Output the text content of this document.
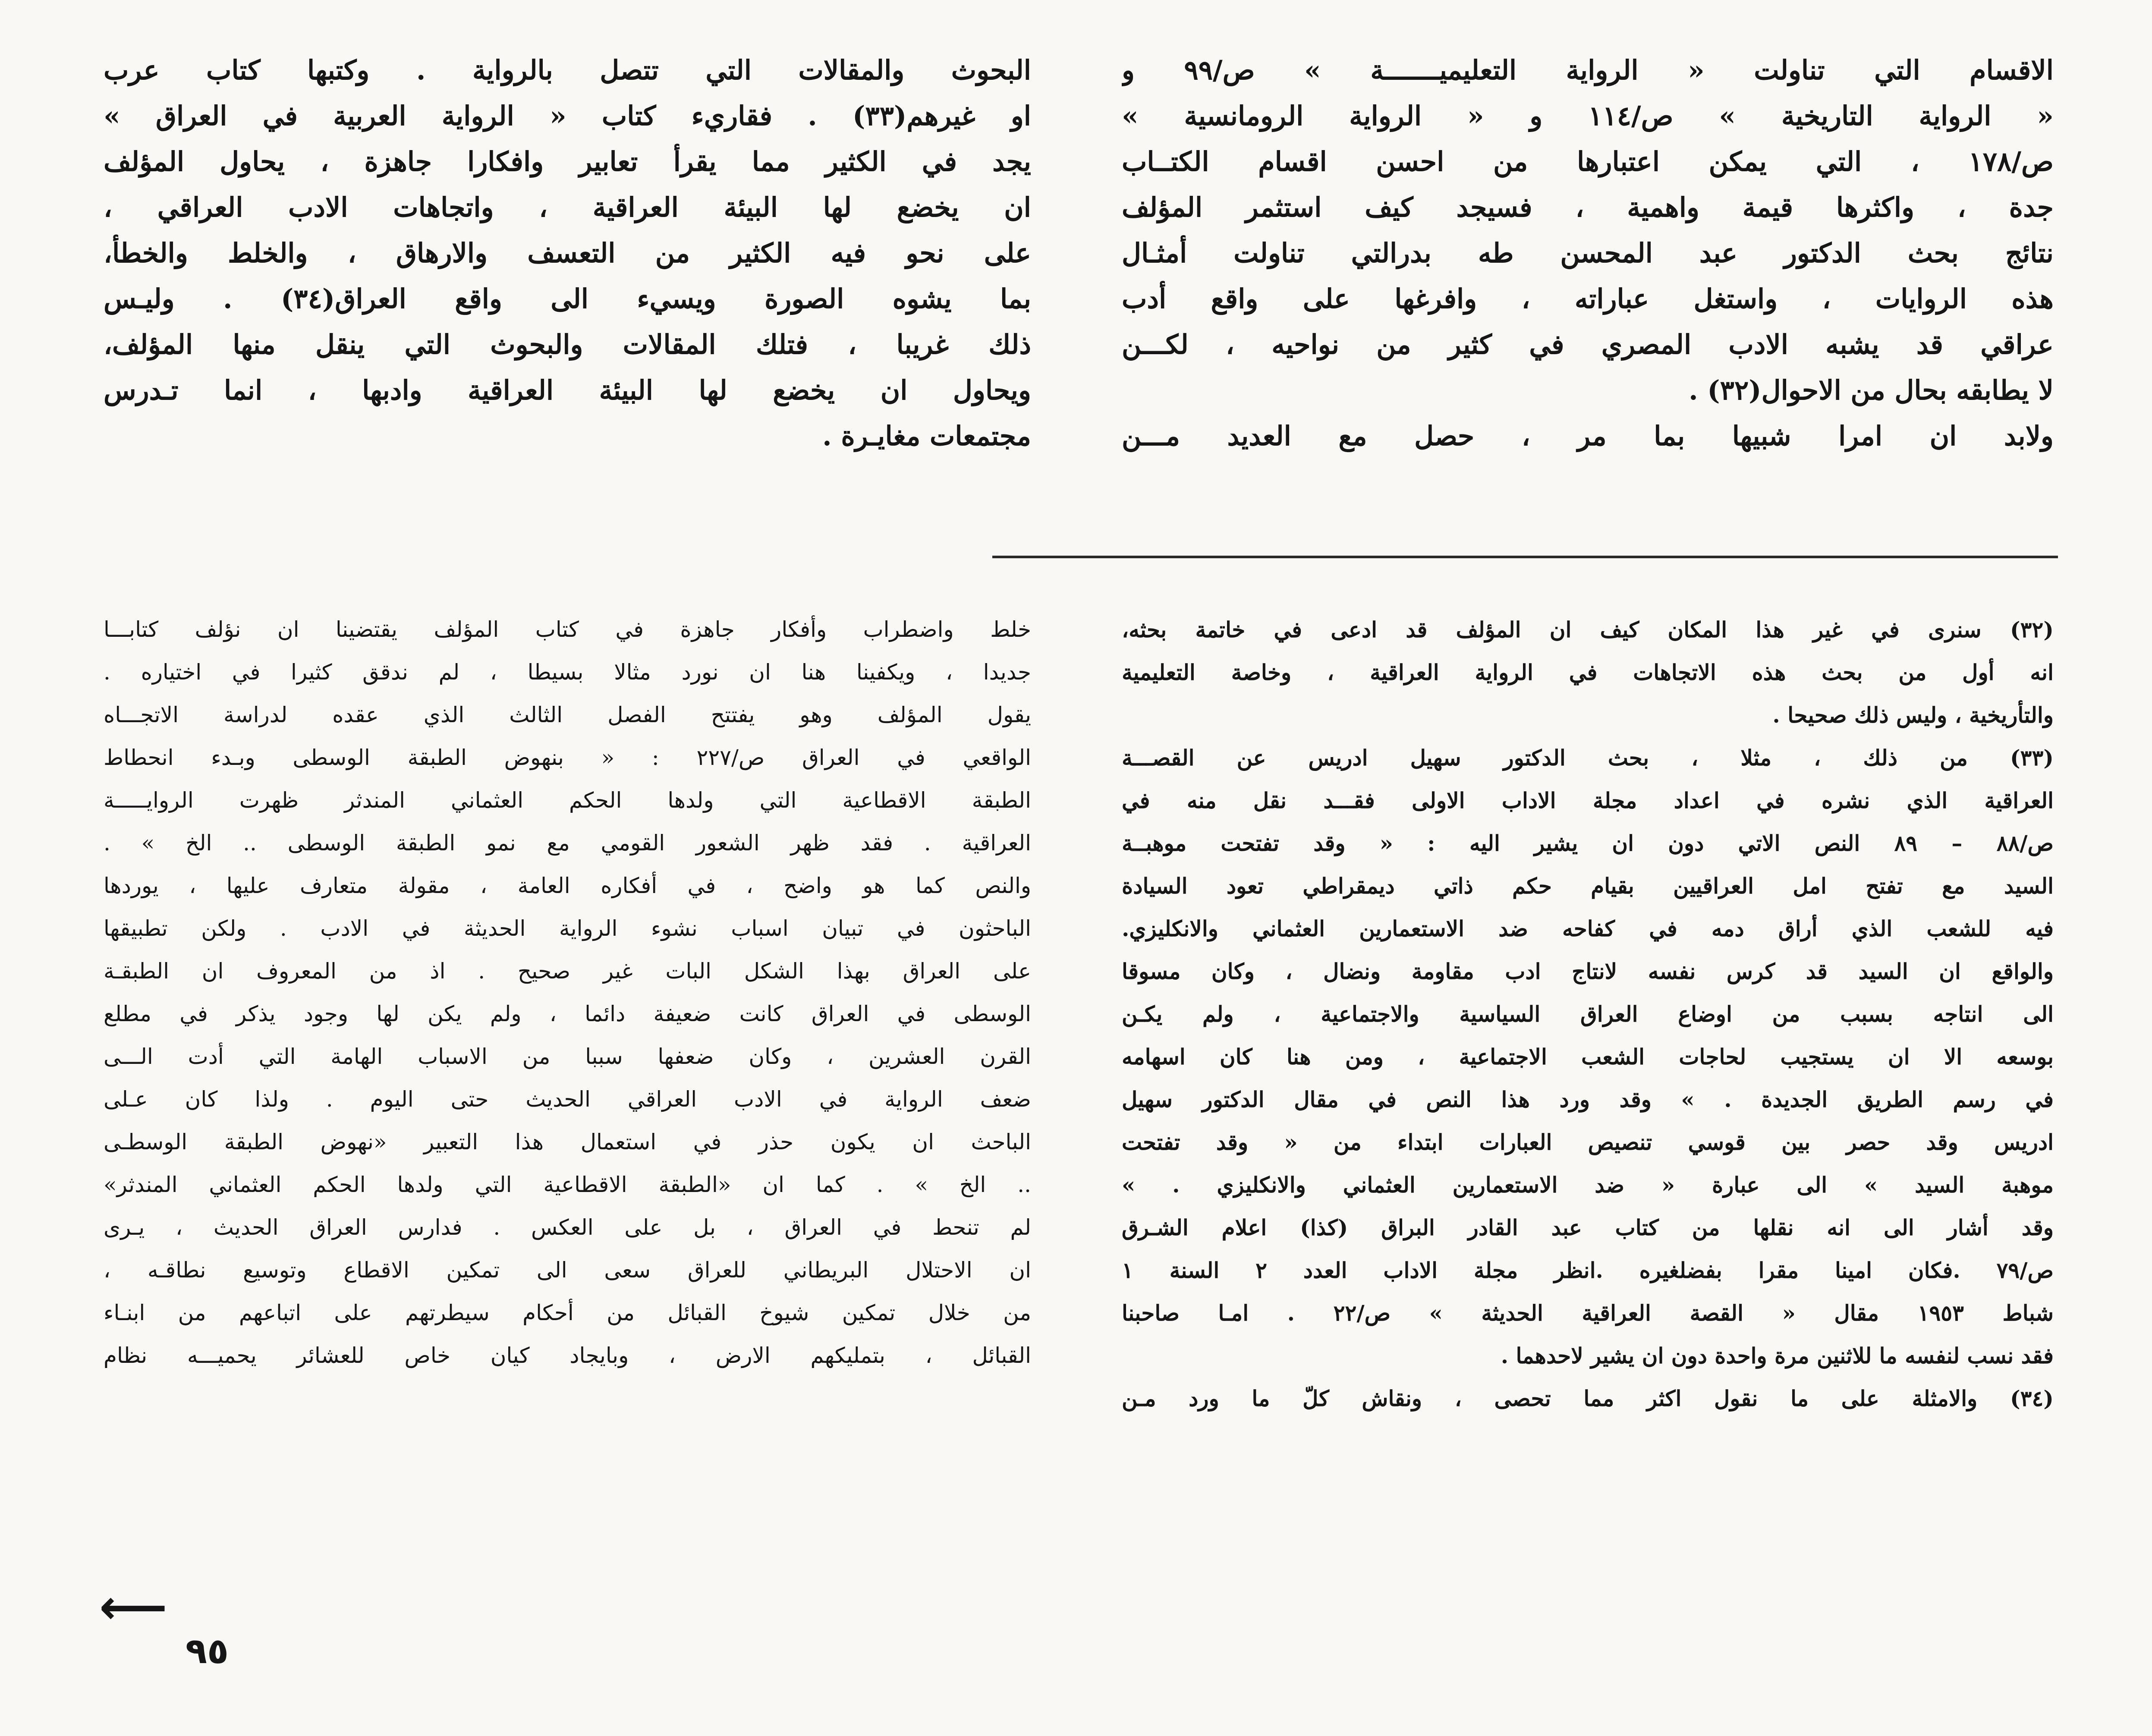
الاقسام التي تناولت « الرواية التعليميـــــــة » ص/٩٩ و
« الرواية التاريخية » ص/١١٤ و « الرواية الرومانسية »
ص/١٧٨ ، التي يمكن اعتبارها من احسن اقسام الكتــاب
جدة ، واكثرها قيمة واهمية ، فسيجد كيف استثمر المؤلف
نتائج بحث الدكتور عبد المحسن طه بدرالتي تناولت أمثـال
هذه الروايات ، واستغل عباراته ، وافرغها على واقع أدب
عراقي قد يشبه الادب المصري في كثير من نواحيه ، لكـــن
لا يطابقه بحال من الاحوال(٣٢) .
ولابد ان امرا شبيها بما مر ، حصل مع العديد مـــن
البحوث والمقالات التي تتصل بالرواية . وكتبها كتاب عرب
او غيرهم(٣٣) . فقاريء كتاب « الرواية العربية في العراق »
يجد في الكثير مما يقرأ تعابير وافكارا جاهزة ، يحاول المؤلف
ان يخضع لها البيئة العراقية ، واتجاهات الادب العراقي ،
على نحو فيه الكثير من التعسف والارهاق ، والخلط والخطأ،
بما يشوه الصورة ويسيء الى واقع العراق(٣٤) . وليـس
ذلك غريبا ، فتلك المقالات والبحوث التي ينقل منها المؤلف،
ويحاول ان يخضع لها البيئة العراقية وادبها ، انما تـدرس
مجتمعات مغايـرة .
(٣٢) سنرى في غير هذا المكان كيف ان المؤلف قد ادعى في خاتمة بحثه،
انه أول من بحث هذه الاتجاهات في الرواية العراقية ، وخاصة التعليمية
والتأريخية ، وليس ذلك صحيحا .
(٣٣) من ذلك ، مثلا ، بحث الدكتور سهيل ادريس عن القصـــة
العراقية الذي نشره في اعداد مجلة الاداب الاولى فقـــد نقل منه في
ص/٨٨ – ٨٩ النص الاتي دون ان يشير اليه : « وقد تفتحت موهبــة
السيد مع تفتح امل العراقيين بقيام حكم ذاتي ديمقراطي تعود السيادة
فيه للشعب الذي أراق دمه في كفاحه ضد الاستعمارين العثماني والانكليزي.
والواقع ان السيد قد كرس نفسه لانتاج ادب مقاومة ونضال ، وكان مسوقا
الى انتاجه بسبب من اوضاع العراق السياسية والاجتماعية ، ولم يكـن
بوسعه الا ان يستجيب لحاجات الشعب الاجتماعية ، ومن هنا كان اسهامه
في رسم الطريق الجديدة . » وقد ورد هذا النص في مقال الدكتور سهيل
ادريس وقد حصر بين قوسي تنصيص العبارات ابتداء من « وقد تفتحت
موهبة السيد » الى عبارة « ضد الاستعمارين العثماني والانكليزي . »
وقد أشار الى انه نقلها من كتاب عبد القادر البراق (كذا) اعلام الشـرق
ص/٧٩ .فكان امينا مقرا بفضلغيره .انظر مجلة الاداب العدد ٢ السنة ١
شباط ١٩٥٣ مقال « القصة العراقية الحديثة » ص/٢٢ . امـا صاحبنا
فقد نسب لنفسه ما للاثنين مرة واحدة دون ان يشير لاحدهما .
(٣٤) والامثلة على ما نقول اكثر مما تحصى ، ونقاش كلّ ما ورد مـن
خلط واضطراب وأفكار جاهزة في كتاب المؤلف يقتضينا ان نؤلف كتابـــا
جديدا ، ويكفينا هنا ان نورد مثالا بسيطا ، لم ندقق كثيرا في اختياره .
يقول المؤلف وهو يفتتح الفصل الثالث الذي عقده لدراسة الاتجـــاه
الواقعي في العراق ص/٢٢٧ : « بنهوض الطبقة الوسطى وبـدء انحطاط
الطبقة الاقطاعية التي ولدها الحكم العثماني المندثر ظهرت الروايـــــة
العراقية . فقد ظهر الشعور القومي مع نمو الطبقة الوسطى .. الخ » .
والنص كما هو واضح ، في أفكاره العامة ، مقولة متعارف عليها ، يوردها
الباحثون في تبيان اسباب نشوء الرواية الحديثة في الادب . ولكن تطبيقها
على العراق بهذا الشكل البات غير صحيح . اذ من المعروف ان الطبقـة
الوسطى في العراق كانت ضعيفة دائما ، ولم يكن لها وجود يذكر في مطلع
القرن العشرين ، وكان ضعفها سببا من الاسباب الهامة التي أدت الـــى
ضعف الرواية في الادب العراقي الحديث حتى اليوم . ولذا كان عـلى
الباحث ان يكون حذر في استعمال هذا التعبير «نهوض الطبقة الوسطـى
.. الخ » . كما ان «الطبقة الاقطاعية التي ولدها الحكم العثماني المندثر»
لم تنحط في العراق ، بل على العكس . فدارس العراق الحديث ، يـرى
ان الاحتلال البريطاني للعراق سعى الى تمكين الاقطاع وتوسيع نطاقـه ،
من خلال تمكين شيوخ القبائل من أحكام سيطرتهم على اتباعهم من ابنـاء
القبائل ، بتمليكهم الارض ، وبايجاد كيان خاص للعشائر يحميـــه نظام
⟵
٩٥
